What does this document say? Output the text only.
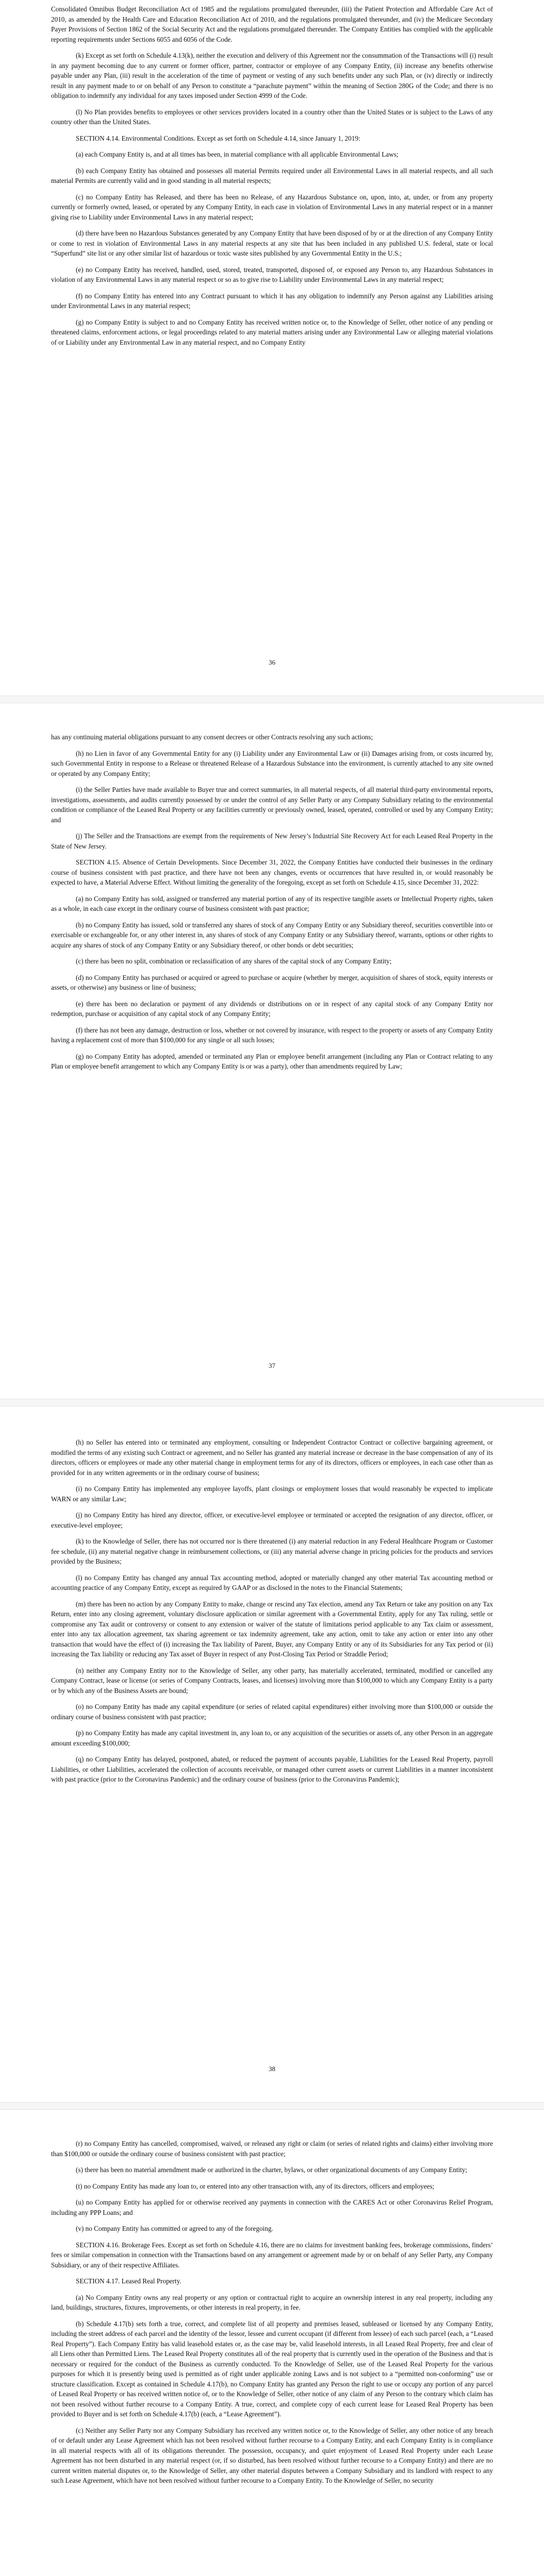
Consolidated Omnibus Budget Reconciliation Act of 1985 and the regulations promulgated thereunder, (iii) the Patient Protection and Affordable Care Act of 2010, as amended by the Health Care and Education Reconciliation Act of 2010, and the regulations promulgated thereunder, and (iv) the Medicare Secondary Payer Provisions of Section 1862 of the Social Security Act and the regulations promulgated thereunder. The Company Entities has complied with the applicable reporting requirements under Sections 6055 and 6056 of the Code.

(k) Except as set forth on Schedule 4.13(k), neither the execution and delivery of this Agreement nor the consummation of the Transactions will (i) result in any payment becoming due to any current or former officer, partner, contractor or employee of any Company Entity, (ii) increase any benefits otherwise payable under any Plan, (iii) result in the acceleration of the time of payment or vesting of any such benefits under any such Plan, or (iv) directly or indirectly result in any payment made to or on behalf of any Person to constitute a “parachute payment” within the meaning of Section 280G of the Code; and there is no obligation to indemnify any individual for any taxes imposed under Section 4999 of the Code.

(l) No Plan provides benefits to employees or other services providers located in a country other than the United States or is subject to the Laws of any country other than the United States.

SECTION 4.14. Environmental Conditions. Except as set forth on Schedule 4.14, since January 1, 2019:

(a) each Company Entity is, and at all times has been, in material compliance with all applicable Environmental Laws;

(b) each Company Entity has obtained and possesses all material Permits required under all Environmental Laws in all material respects, and all such material Permits are currently valid and in good standing in all material respects;

(c) no Company Entity has Released, and there has been no Release, of any Hazardous Substance on, upon, into, at, under, or from any property currently or formerly owned, leased, or operated by any Company Entity, in each case in violation of Environmental Laws in any material respect or in a manner giving rise to Liability under Environmental Laws in any material respect;

(d) there have been no Hazardous Substances generated by any Company Entity that have been disposed of by or at the direction of any Company Entity or come to rest in violation of Environmental Laws in any material respects at any site that has been included in any published U.S. federal, state or local “Superfund” site list or any other similar list of hazardous or toxic waste sites published by any Governmental Entity in the U.S.;

(e) no Company Entity has received, handled, used, stored, treated, transported, disposed of, or exposed any Person to, any Hazardous Substances in violation of any Environmental Laws in any material respect or so as to give rise to Liability under Environmental Laws in any material respect;

(f) no Company Entity has entered into any Contract pursuant to which it has any obligation to indemnify any Person against any Liabilities arising under Environmental Laws in any material respect;

(g) no Company Entity is subject to and no Company Entity has received written notice or, to the Knowledge of Seller, other notice of any pending or threatened claims, enforcement actions, or legal proceedings related to any material matters arising under any Environmental Law or alleging material violations of or Liability under any Environmental Law in any material respect, and no Company Entity

36

has any continuing material obligations pursuant to any consent decrees or other Contracts resolving any such actions;

(h) no Lien in favor of any Governmental Entity for any (i) Liability under any Environmental Law or (ii) Damages arising from, or costs incurred by, such Governmental Entity in response to a Release or threatened Release of a Hazardous Substance into the environment, is currently attached to any site owned or operated by any Company Entity;

(i) the Seller Parties have made available to Buyer true and correct summaries, in all material respects, of all material third-party environmental reports, investigations, assessments, and audits currently possessed by or under the control of any Seller Party or any Company Subsidiary relating to the environmental condition or compliance of the Leased Real Property or any facilities currently or previously owned, leased, operated, controlled or used by any Company Entity; and

(j) The Seller and the Transactions are exempt from the requirements of New Jersey’s Industrial Site Recovery Act for each Leased Real Property in the State of New Jersey.

SECTION 4.15. Absence of Certain Developments. Since December 31, 2022, the Company Entities have conducted their businesses in the ordinary course of business consistent with past practice, and there have not been any changes, events or occurrences that have resulted in, or would reasonably be expected to have, a Material Adverse Effect. Without limiting the generality of the foregoing, except as set forth on Schedule 4.15, since December 31, 2022:

(a) no Company Entity has sold, assigned or transferred any material portion of any of its respective tangible assets or Intellectual Property rights, taken as a whole, in each case except in the ordinary course of business consistent with past practice;

(b) no Company Entity has issued, sold or transferred any shares of stock of any Company Entity or any Subsidiary thereof, securities convertible into or exercisable or exchangeable for, or any other interest in, any shares of stock of any Company Entity or any Subsidiary thereof, warrants, options or other rights to acquire any shares of stock of any Company Entity or any Subsidiary thereof, or other bonds or debt securities;

(c) there has been no split, combination or reclassification of any shares of the capital stock of any Company Entity;

(d) no Company Entity has purchased or acquired or agreed to purchase or acquire (whether by merger, acquisition of shares of stock, equity interests or assets, or otherwise) any business or line of business;

(e) there has been no declaration or payment of any dividends or distributions on or in respect of any capital stock of any Company Entity nor redemption, purchase or acquisition of any capital stock of any Company Entity;

(f) there has not been any damage, destruction or loss, whether or not covered by insurance, with respect to the property or assets of any Company Entity having a replacement cost of more than $100,000 for any single or all such losses;

(g) no Company Entity has adopted, amended or terminated any Plan or employee benefit arrangement (including any Plan or Contract relating to any Plan or employee benefit arrangement to which any Company Entity is or was a party), other than amendments required by Law;

37

(h) no Seller has entered into or terminated any employment, consulting or Independent Contractor Contract or collective bargaining agreement, or modified the terms of any existing such Contract or agreement, and no Seller has granted any material increase or decrease in the base compensation of any of its directors, officers or employees or made any other material change in employment terms for any of its directors, officers or employees, in each case other than as provided for in any written agreements or in the ordinary course of business;

(i) no Company Entity has implemented any employee layoffs, plant closings or employment losses that would reasonably be expected to implicate WARN or any similar Law;

(j) no Company Entity has hired any director, officer, or executive-level employee or terminated or accepted the resignation of any director, officer, or executive-level employee;

(k) to the Knowledge of Seller, there has not occurred nor is there threatened (i) any material reduction in any Federal Healthcare Program or Customer fee schedule, (ii) any material negative change in reimbursement collections, or (iii) any material adverse change in pricing policies for the products and services provided by the Business;

(l) no Company Entity has changed any annual Tax accounting method, adopted or materially changed any other material Tax accounting method or accounting practice of any Company Entity, except as required by GAAP or as disclosed in the notes to the Financial Statements;

(m) there has been no action by any Company Entity to make, change or rescind any Tax election, amend any Tax Return or take any position on any Tax Return, enter into any closing agreement, voluntary disclosure application or similar agreement with a Governmental Entity, apply for any Tax ruling, settle or compromise any Tax audit or controversy or consent to any extension or waiver of the statute of limitations period applicable to any Tax claim or assessment, enter into any tax allocation agreement, tax sharing agreement or tax indemnity agreement, take any action, omit to take any action or enter into any other transaction that would have the effect of (i) increasing the Tax liability of Parent, Buyer, any Company Entity or any of its Subsidiaries for any Tax period or (ii) increasing the Tax liability or reducing any Tax asset of Buyer in respect of any Post-Closing Tax Period or Straddle Period;

(n) neither any Company Entity nor to the Knowledge of Seller, any other party, has materially accelerated, terminated, modified or cancelled any Company Contract, lease or license (or series of Company Contracts, leases, and licenses) involving more than $100,000 to which any Company Entity is a party or by which any of the Business Assets are bound;

(o) no Company Entity has made any capital expenditure (or series of related capital expenditures) either involving more than $100,000 or outside the ordinary course of business consistent with past practice;

(p) no Company Entity has made any capital investment in, any loan to, or any acquisition of the securities or assets of, any other Person in an aggregate amount exceeding $100,000;

(q) no Company Entity has delayed, postponed, abated, or reduced the payment of accounts payable, Liabilities for the Leased Real Property, payroll Liabilities, or other Liabilities, accelerated the collection of accounts receivable, or managed other current assets or current Liabilities in a manner inconsistent with past practice (prior to the Coronavirus Pandemic) and the ordinary course of business (prior to the Coronavirus Pandemic);

38

(r) no Company Entity has cancelled, compromised, waived, or released any right or claim (or series of related rights and claims) either involving more than $100,000 or outside the ordinary course of business consistent with past practice;

(s) there has been no material amendment made or authorized in the charter, bylaws, or other organizational documents of any Company Entity;

(t) no Company Entity has made any loan to, or entered into any other transaction with, any of its directors, officers and employees;

(u) no Company Entity has applied for or otherwise received any payments in connection with the CARES Act or other Coronavirus Relief Program, including any PPP Loans; and

(v) no Company Entity has committed or agreed to any of the foregoing.

SECTION 4.16. Brokerage Fees. Except as set forth on Schedule 4.16, there are no claims for investment banking fees, brokerage commissions, finders’ fees or similar compensation in connection with the Transactions based on any arrangement or agreement made by or on behalf of any Seller Party, any Company Subsidiary, or any of their respective Affiliates.

SECTION 4.17. Leased Real Property.

(a) No Company Entity owns any real property or any option or contractual right to acquire an ownership interest in any real property, including any land, buildings, structures, fixtures, improvements, or other interests in real property, in fee.

(b) Schedule 4.17(b) sets forth a true, correct, and complete list of all property and premises leased, subleased or licensed by any Company Entity, including the street address of each parcel and the identity of the lessor, lessee and current occupant (if different from lessee) of each such parcel (each, a “Leased Real Property”). Each Company Entity has valid leasehold estates or, as the case may be, valid leasehold interests, in all Leased Real Property, free and clear of all Liens other than Permitted Liens. The Leased Real Property constitutes all of the real property that is currently used in the operation of the Business and that is necessary or required for the conduct of the Business as currently conducted. To the Knowledge of Seller, use of the Leased Real Property for the various purposes for which it is presently being used is permitted as of right under applicable zoning Laws and is not subject to a “permitted non-conforming” use or structure classification. Except as contained in Schedule 4.17(b), no Company Entity has granted any Person the right to use or occupy any portion of any parcel of Leased Real Property or has received written notice of, or to the Knowledge of Seller, other notice of any claim of any Person to the contrary which claim has not been resolved without further recourse to a Company Entity. A true, correct, and complete copy of each current lease for Leased Real Property has been provided to Buyer and is set forth on Schedule 4.17(b) (each, a “Lease Agreement”).

(c) Neither any Seller Party nor any Company Subsidiary has received any written notice or, to the Knowledge of Seller, any other notice of any breach of or default under any Lease Agreement which has not been resolved without further recourse to a Company Entity, and each Company Entity is in compliance in all material respects with all of its obligations thereunder. The possession, occupancy, and quiet enjoyment of Leased Real Property under each Lease Agreement has not been disturbed in any material respect (or, if so disturbed, has been resolved without further recourse to a Company Entity) and there are no current written material disputes or, to the Knowledge of Seller, any other material disputes between a Company Subsidiary and its landlord with respect to any such Lease Agreement, which have not been resolved without further recourse to a Company Entity. To the Knowledge of Seller, no security
